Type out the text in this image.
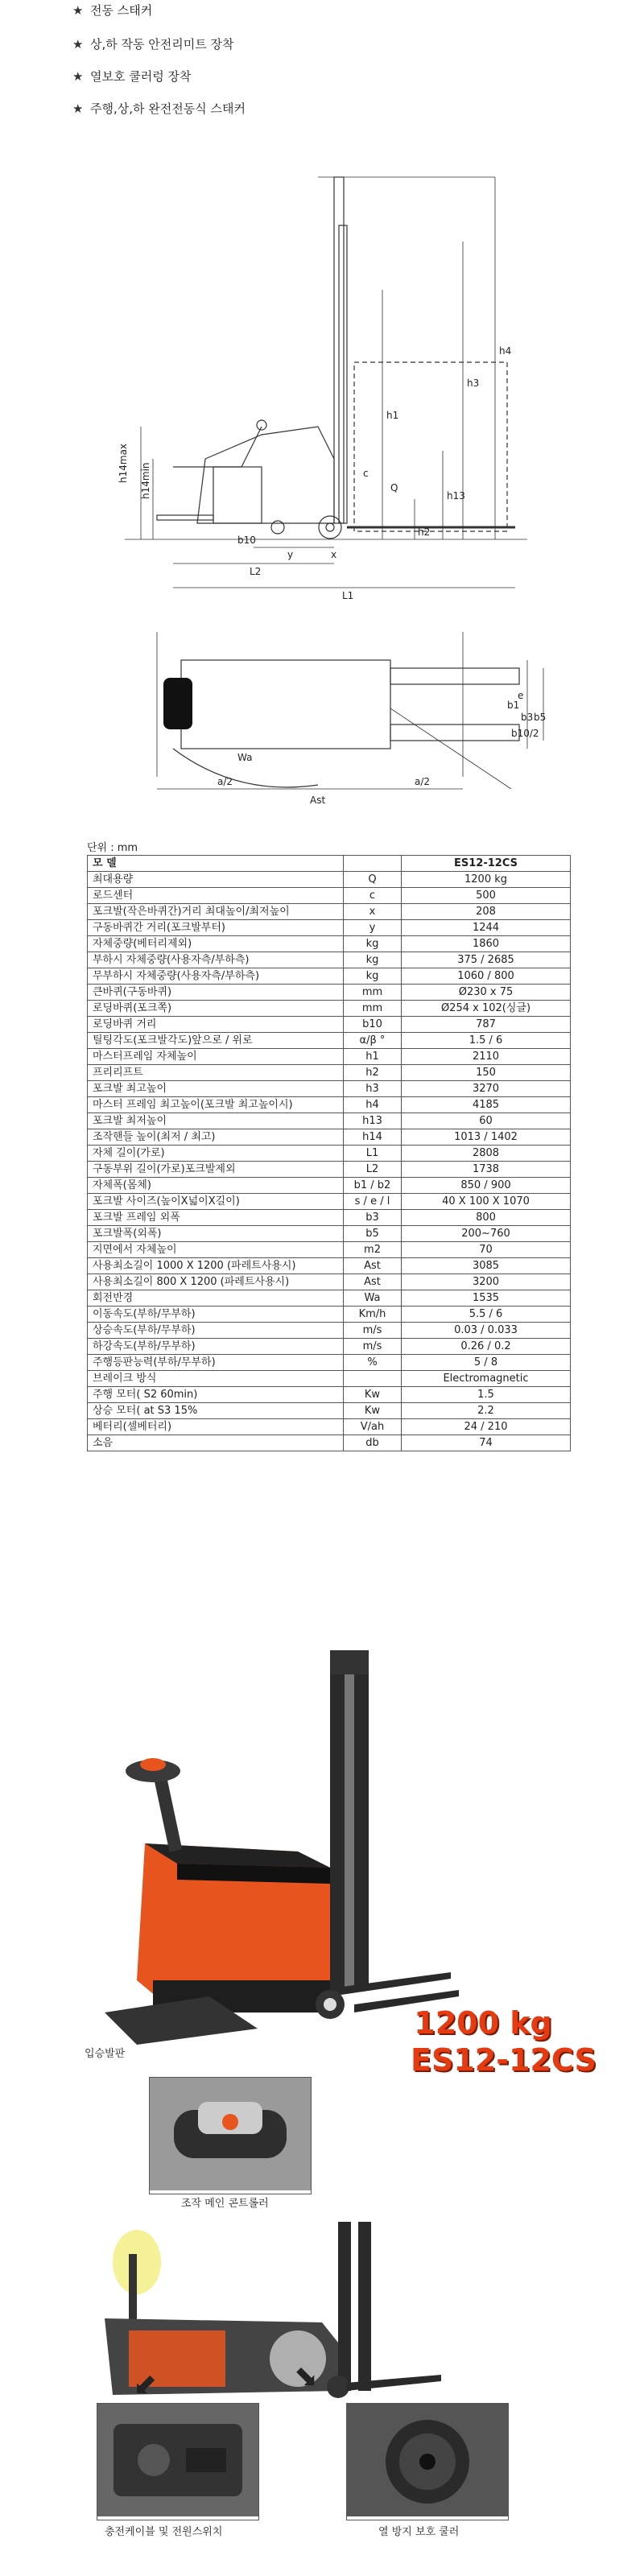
★ 전동 스태커
★ 상,하 작동 안전리미트 장착
★ 열보호 쿨러렁 장착
★ 주행,상,하 완전전동식 스태커
h4
h3
h1
h13
h2
h14max h14min	c
Q
y	x
b10
L2
L1
Wa
a/2	a/2
Ast
b1
e
b3 b5
b10/2
단위 : mm
모 델		ES12-12CS
최대용량	Q	1200 kg
로드센터	c	500
포크발(작은바퀴간)거리 최대높이/최저높이	x	208
구동바퀴간 거리(포크발부터)	y	1244
자체중량(베터리제외)	kg	1860
부하시 자체중량(사용자측/부하측)	kg	375 / 2685
무부하시 자체중량(사용자측/부하측)	kg	1060 / 800
큰바퀴(구동바퀴)	mm	Ø230 x 75
로딩바퀴(포크쪽)	mm	Ø254 x 102(싱글)
로딩바퀴 거리	b10	787
틸팅각도(포크발각도)앞으로 / 위로	α/β °	1.5 / 6
마스터프레임 자체높이	h1	2110
프리리프트	h2	150
포크발 최고높이	h3	3270
마스터 프레임 최고높이(포크발 최고높이시)	h4	4185
포크발 최저높이	h13	60
조작핸들 높이(최저 / 최고)	h14	1013 / 1402
자체 길이(가로)	L1	2808
구동부위 길이(가로)포크발제외	L2	1738
자체폭(몸체)	b1 / b2	850 / 900
포크발 사이즈(높이X넓이X길이)	s / e / l	40 X 100 X 1070
포크발 프레임 외폭	b3	800
포크발폭(외폭)	b5	200~760
지면에서 자체높이	m2	70
사용최소길이 1000 X 1200 (파레트사용시)	Ast	3085
사용최소길이 800 X 1200 (파레트사용시)	Ast	3200
회전반경	Wa	1535
이동속도(부하/무부하)	Km/h	5.5 / 6
상승속도(부하/무부하)	m/s	0.03 / 0.033
하강속도(부하/무부하)	m/s	0.26 / 0.2
주행등판능력(부하/무부하)	%	5 / 8
브레이크 방식		Electromagnetic
주행 모터( S2 60min)	Kw	1.5
상승 모터( at S3 15%	Kw	2.2
베터리(셀베터리)	V/ah	24 / 210
소음	db	74
입승발판
1200 kg
ES12-12CS
조작 메인 콘트롤러
⬋	⬊
충전케이블 및 전원스위치	열 방지 보호 쿨러
